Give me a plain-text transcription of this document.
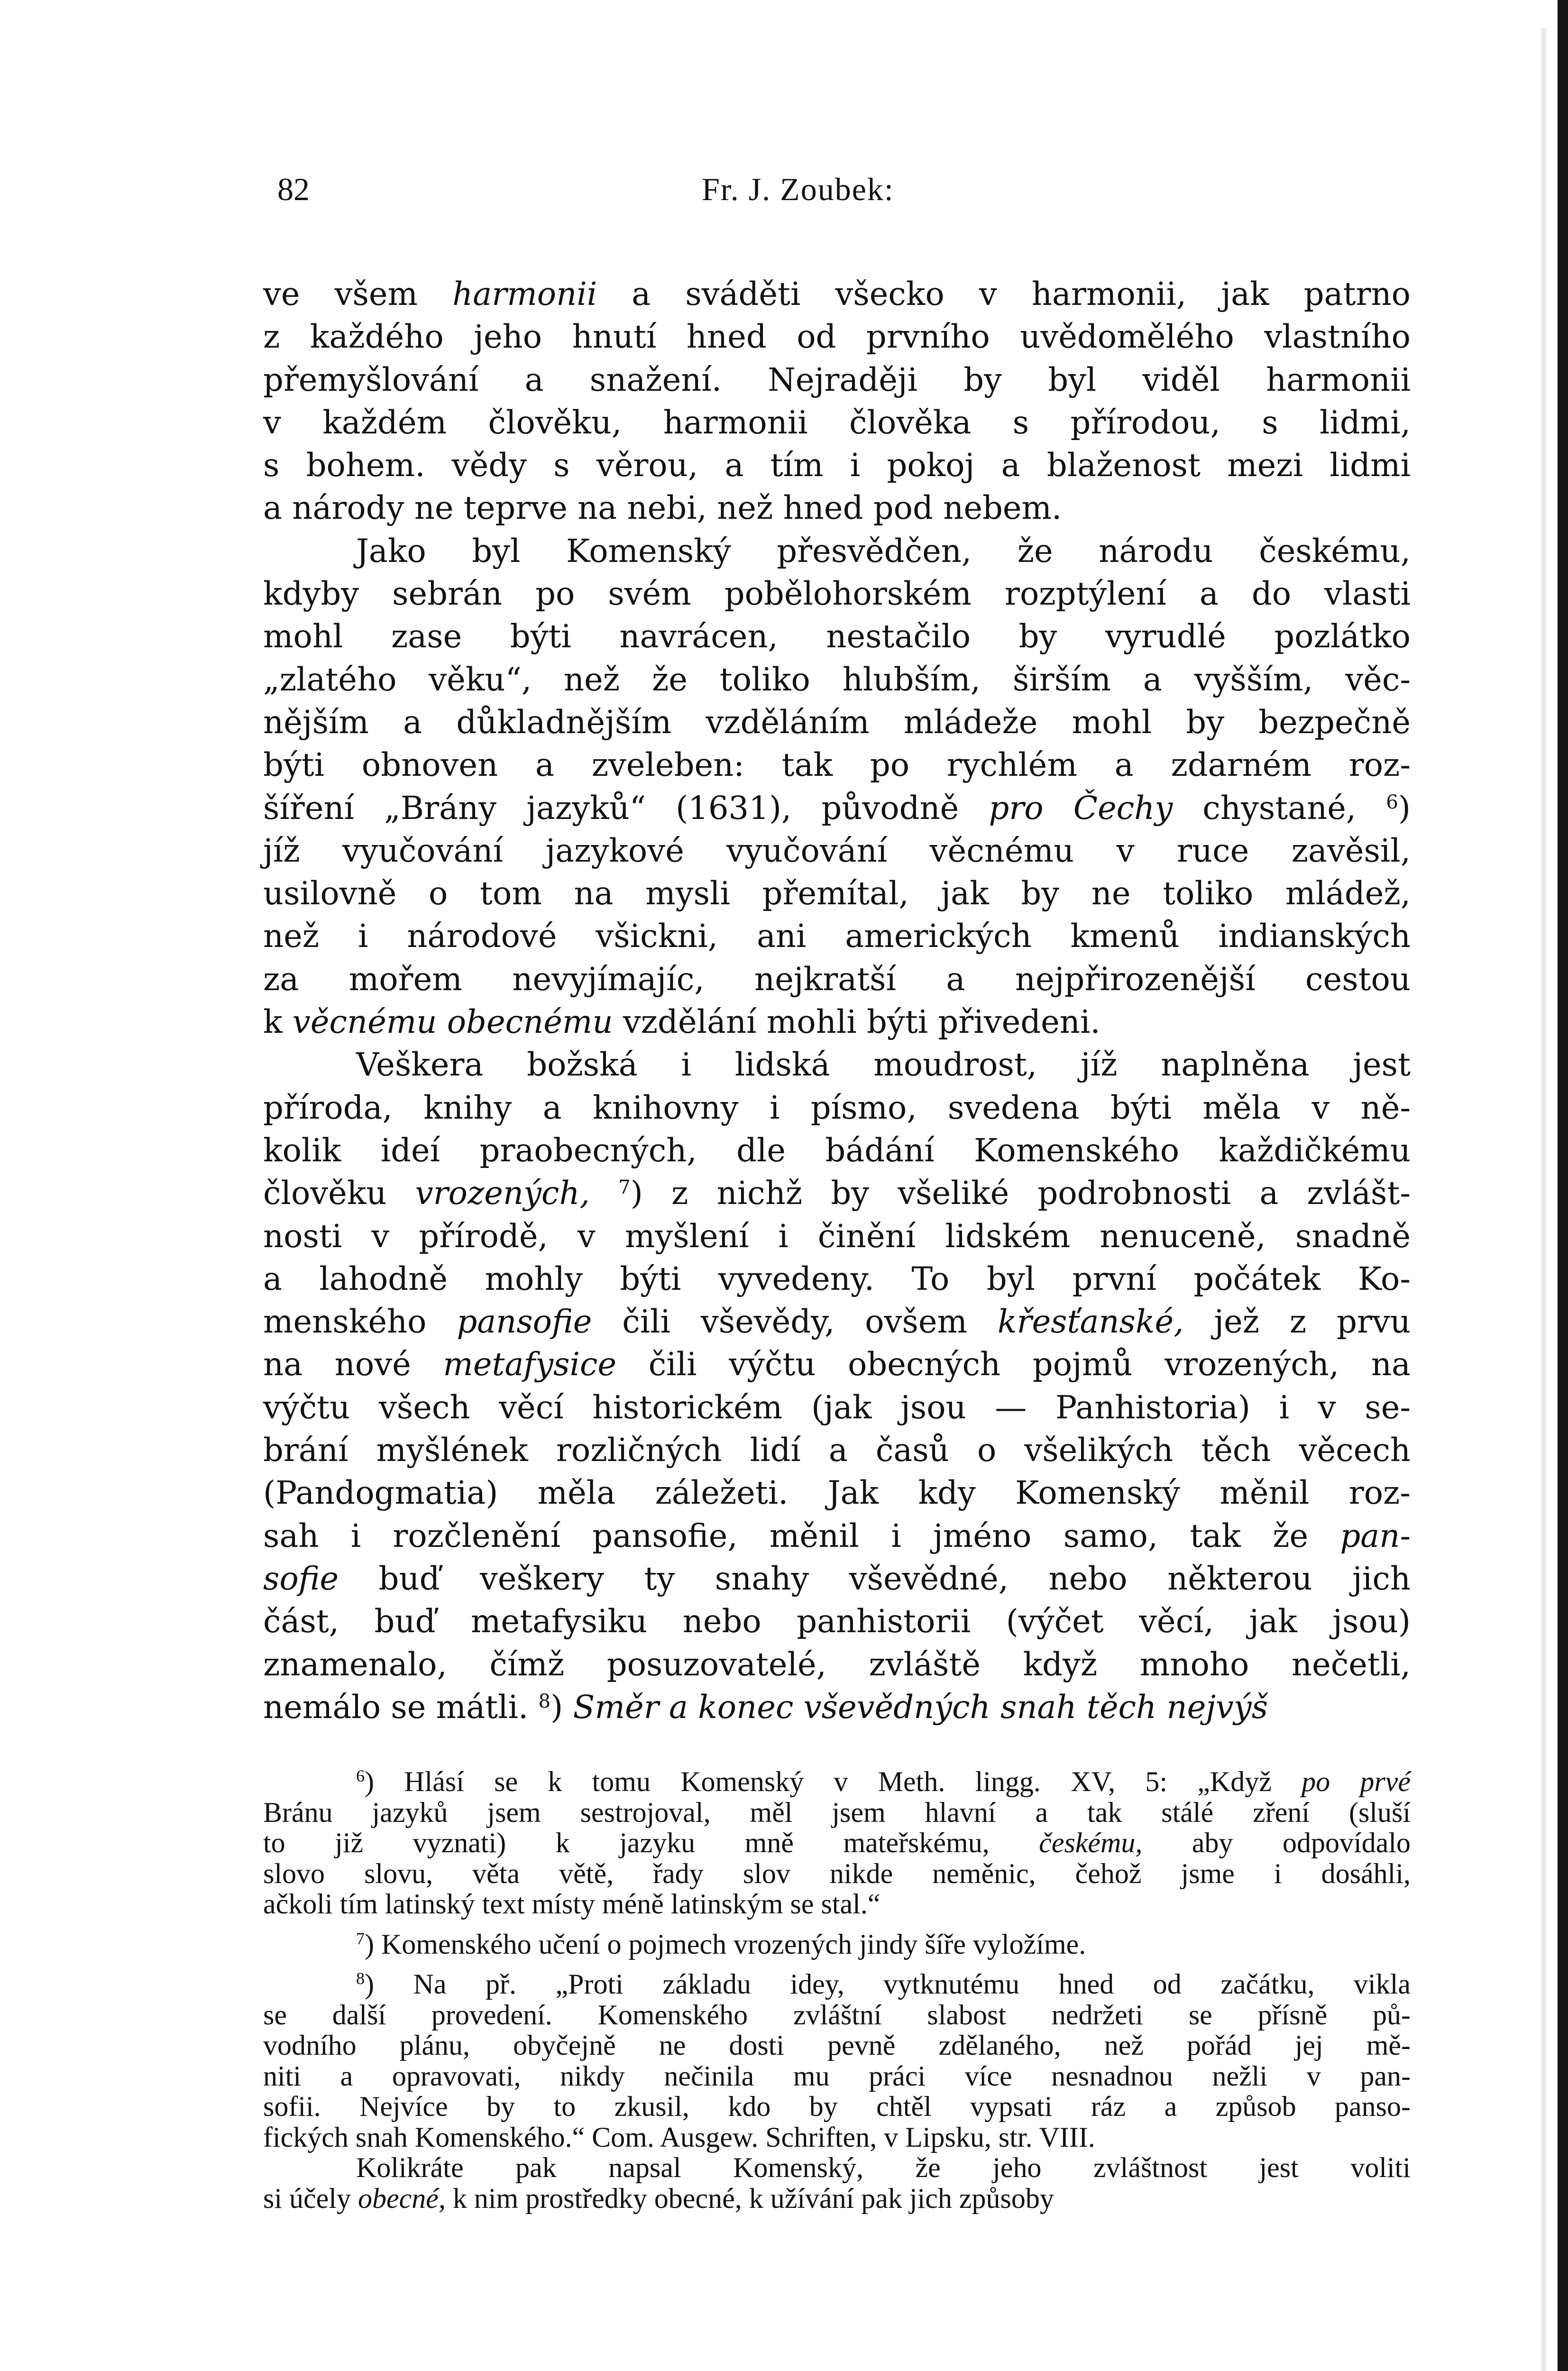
82	Fr. J. Zoubek:
ve všem harmonii a sváděti všecko v harmonii, jak patrno
z každého jeho hnutí hned od prvního uvědomělého vlastního
přemyšlování a snažení. Nejraději by byl viděl harmonii
v každém člověku, harmonii člověka s přírodou, s lidmi,
s bohem. vědy s věrou, a tím i pokoj a blaženost mezi lidmi
a národy ne teprve na nebi, než hned pod nebem.
Jako byl Komenský přesvědčen, že národu českému,
kdyby sebrán po svém pobělohorském rozptýlení a do vlasti
mohl zase býti navrácen, nestačilo by vyrudlé pozlátko
„zlatého věku“, než že toliko hlubším, širším a vyšším, věc-
nějším a důkladnějším vzděláním mládeže mohl by bezpečně
býti obnoven a zveleben: tak po rychlém a zdarném roz-
šíření „Brány jazyků“ (1631), původně pro Čechy chystané, $^6$)
jíž vyučování jazykové vyučování věcnému v ruce zavěsil,
usilovně o tom na mysli přemítal, jak by ne toliko mládež,
než i národové všickni, ani amerických kmenů indianských
za mořem nevyjímajíc, nejkratší a nejpřirozenější cestou
k věcnému obecnému vzdělání mohli býti přivedeni.
Veškera božská i lidská moudrost, jíž naplněna jest
příroda, knihy a knihovny i písmo, svedena býti měla v ně-
kolik ideí praobecných, dle bádání Komenského každičkému
člověku vrozených, $^7$) z nichž by všeliké podrobnosti a zvlášt-
nosti v přírodě, v myšlení i činění lidském nenuceně, snadně
a lahodně mohly býti vyvedeny. To byl první počátek Ko-
menského pansofie čili vševědy, ovšem křesťanské, jež z prvu
na nové metafysice čili výčtu obecných pojmů vrozených, na
výčtu všech věcí historickém (jak jsou — Panhistoria) i v se-
brání myšlének rozličných lidí a časů o všelikých těch věcech
(Pandogmatia) měla záležeti. Jak kdy Komenský měnil roz-
sah i rozčlenění pansofie, měnil i jméno samo, tak že pan-
sofie buď veškery ty snahy vševědné, nebo některou jich
část, buď metafysiku nebo panhistorii (výčet věcí, jak jsou)
znamenalo, čímž posuzovatelé, zvláště když mnoho nečetli,
nemálo se mátli. $^8$) Směr a konec vševědných snah těch nejvýš
$^6$) Hlásí se k tomu Komenský v Meth. lingg. XV, 5: „Když po prvé
Bránu jazyků jsem sestrojoval, měl jsem hlavní a tak stálé zření (sluší
to již vyznati) k jazyku mně mateřskému, českému, aby odpovídalo
slovo slovu, věta větě, řady slov nikde neměnic, čehož jsme i dosáhli,
ačkoli tím latinský text místy méně latinským se stal.“
$^7$) Komenského učení o pojmech vrozených jindy šíře vyložíme.
$^8$) Na př. „Proti základu idey, vytknutému hned od začátku, vikla
se další provedení. Komenského zvláštní slabost nedržeti se přísně pů-
vodního plánu, obyčejně ne dosti pevně zdělaného, než pořád jej mě-
niti a opravovati, nikdy nečinila mu práci více nesnadnou nežli v pan-
sofii. Nejvíce by to zkusil, kdo by chtěl vypsati ráz a způsob panso-
fických snah Komenského.“ Com. Ausgew. Schriften, v Lipsku, str. VIII.
Kolikráte pak napsal Komenský, že jeho zvláštnost jest voliti
si účely obecné, k nim prostředky obecné, k užívání pak jich způsoby
